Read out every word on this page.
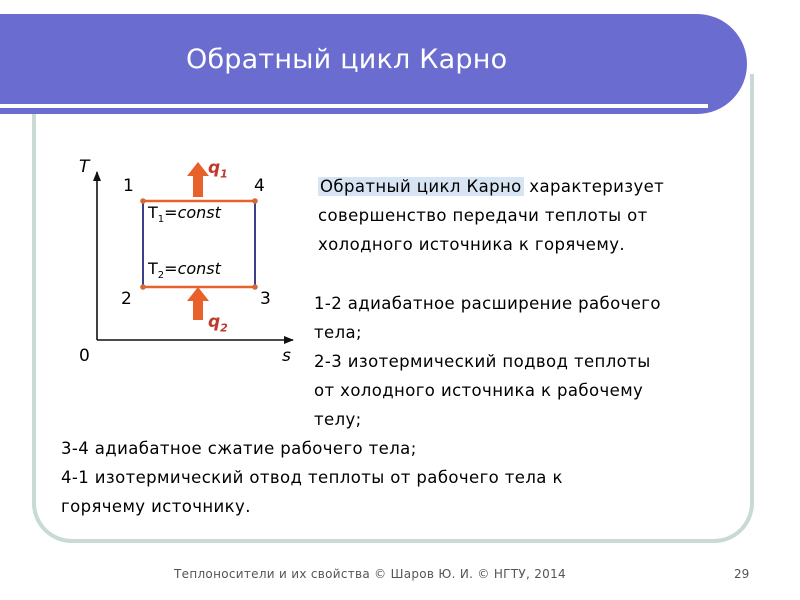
Обратный цикл Карно
T
s
0
1	4
2	3
$q_1$
$q_2$
$T_1=const$
$T_2=const$
Обратный цикл Карно характеризует
совершенство передачи теплоты от
холодного источника к горячему.
1-2 адиабатное расширение рабочего
тела;
2-3 изотермический подвод теплоты
от холодного источника к рабочему
телу;
3-4 адиабатное сжатие рабочего тела;
4-1 изотермический отвод теплоты от рабочего тела к
горячему источнику.
Теплоносители и их свойства © Шаров Ю. И. © НГТУ, 2014	29
